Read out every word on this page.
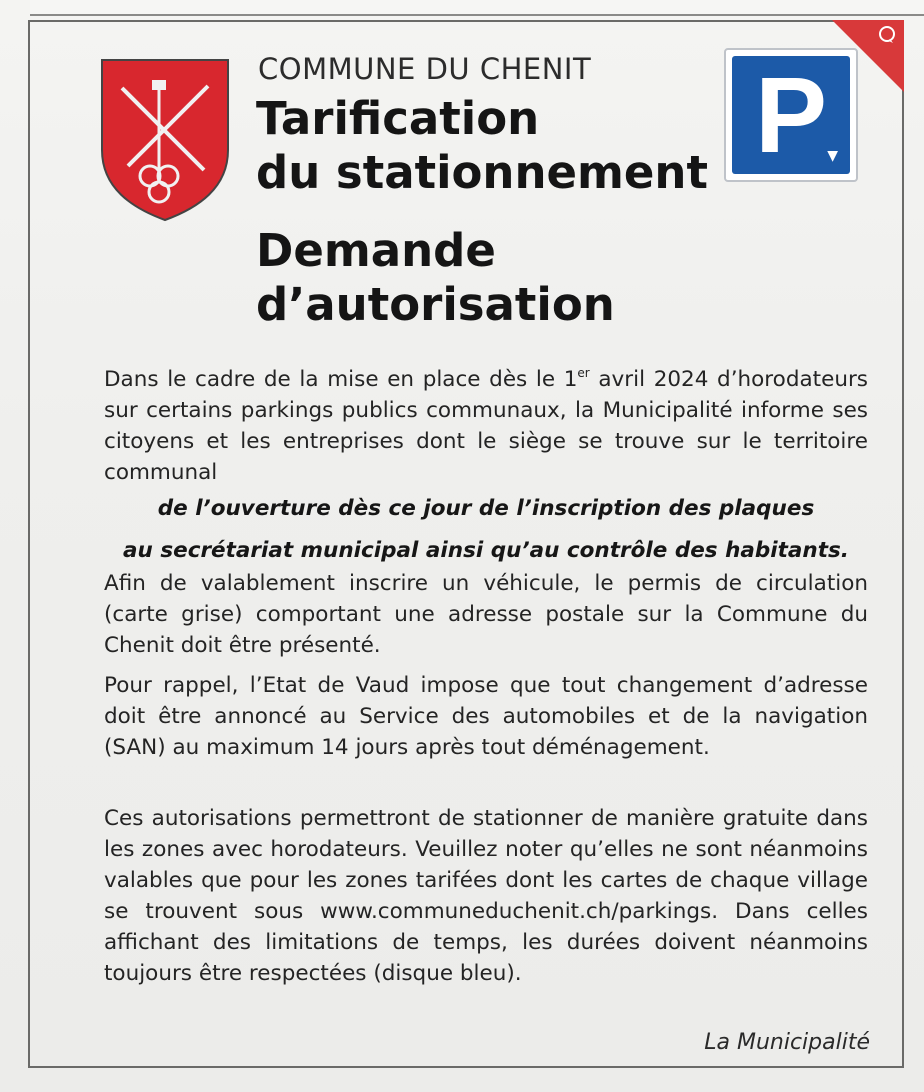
COMMUNE DU CHENIT
Tarification
du stationnement
Demande
d’autorisation
P ▼

Dans le cadre de la mise en place dès le 1er avril 2024 d’horodateurs sur certains parkings publics communaux, la Municipalité informe ses citoyens et les entreprises dont le siège se trouve sur le territoire communal

de l’ouverture dès ce jour de l’inscription des plaques
au secrétariat municipal ainsi qu’au contrôle des habitants.

Afin de valablement inscrire un véhicule, le permis de circulation (carte grise) comportant une adresse postale sur la Commune du Chenit doit être présenté.

Pour rappel, l’Etat de Vaud impose que tout changement d’adresse doit être annoncé au Service des automobiles et de la navigation (SAN) au maximum 14 jours après tout déménagement.

Ces autorisations permettront de stationner de manière gratuite dans les zones avec horodateurs. Veuillez noter qu’elles ne sont néanmoins valables que pour les zones tarifées dont les cartes de chaque village se trouvent sous www.communeduchenit.ch/parkings. Dans celles affichant des limitations de temps, les durées doivent néanmoins toujours être respectées (disque bleu).

La Municipalité
